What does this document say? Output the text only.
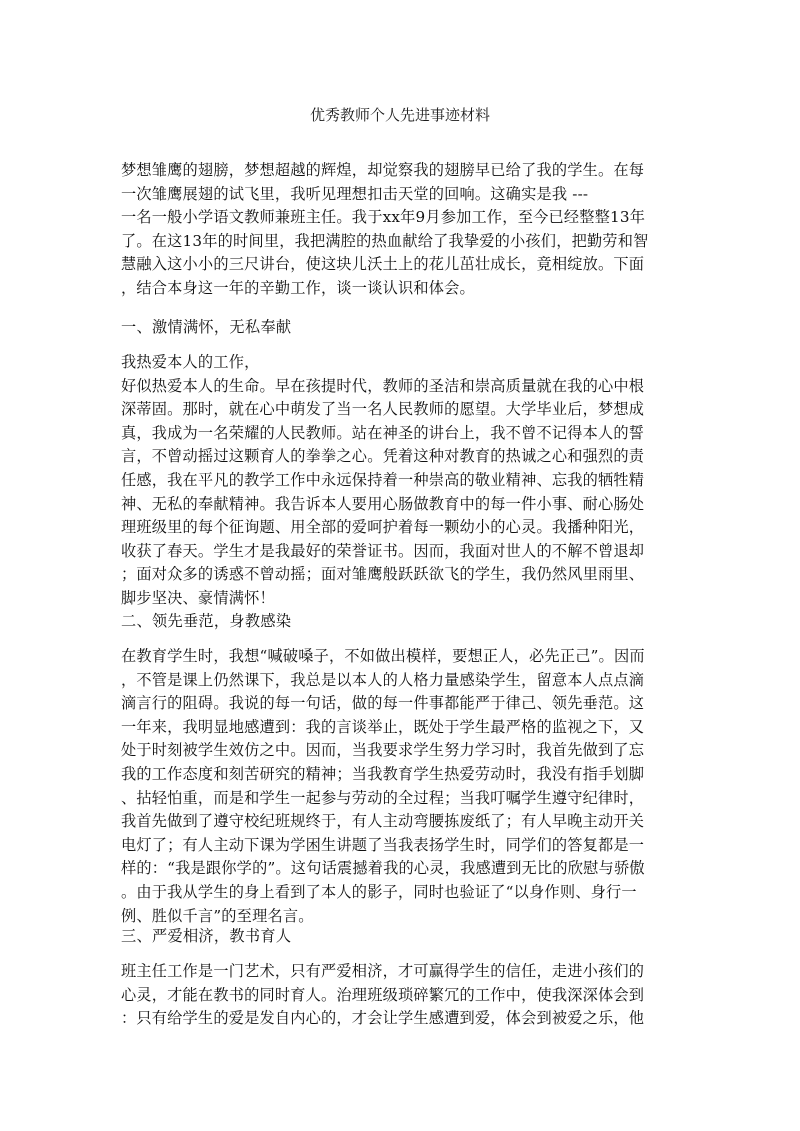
优秀教师个人先进事迹材料
梦想雏鹰的翅膀，梦想超越的辉煌，却觉察我的翅膀早已给了我的学生。在每
一次雏鹰展翅的试飞里，我听见理想扣击天堂的回响。这确实是我 ---
一名一般小学语文教师兼班主任。我于xx年9月参加工作，至今已经整整13年
了。在这13年的时间里，我把满腔的热血献给了我挚爱的小孩们，把勤劳和智
慧融入这小小的三尺讲台，使这块儿沃土上的花儿茁壮成长，竟相绽放。下面
，结合本身这一年的辛勤工作，谈一谈认识和体会。
一、激情满怀，无私奉献
我热爱本人的工作，
好似热爱本人的生命。早在孩提时代，教师的圣洁和崇高质量就在我的心中根
深蒂固。那时，就在心中萌发了当一名人民教师的愿望。大学毕业后，梦想成
真，我成为一名荣耀的人民教师。站在神圣的讲台上，我不曾不记得本人的誓
言，不曾动摇过这颗育人的拳拳之心。凭着这种对教育的热诚之心和强烈的责
任感，我在平凡的教学工作中永远保持着一种崇高的敬业精神、忘我的牺牲精
神、无私的奉献精神。我告诉本人要用心肠做教育中的每一件小事、耐心肠处
理班级里的每个征询题、用全部的爱呵护着每一颗幼小的心灵。我播种阳光，
收获了春天。学生才是我最好的荣誉证书。因而，我面对世人的不解不曾退却
；面对众多的诱惑不曾动摇；面对雏鹰般跃跃欲飞的学生，我仍然风里雨里、
脚步坚决、豪情满怀！
二、领先垂范，身教感染
在教育学生时，我想“喊破嗓子，不如做出模样，要想正人，必先正己”。因而
，不管是课上仍然课下，我总是以本人的人格力量感染学生，留意本人点点滴
滴言行的阻碍。我说的每一句话，做的每一件事都能严于律己、领先垂范。这
一年来，我明显地感遭到：我的言谈举止，既处于学生最严格的监视之下，又
处于时刻被学生效仿之中。因而，当我要求学生努力学习时，我首先做到了忘
我的工作态度和刻苦研究的精神；当我教育学生热爱劳动时，我没有指手划脚
、拈轻怕重，而是和学生一起参与劳动的全过程；当我叮嘱学生遵守纪律时，
我首先做到了遵守校纪班规终于，有人主动弯腰拣废纸了；有人早晚主动开关
电灯了；有人主动下课为学困生讲题了当我表扬学生时，同学们的答复都是一
样的：“我是跟你学的”。这句话震撼着我的心灵，我感遭到无比的欣慰与骄傲
。由于我从学生的身上看到了本人的影子，同时也验证了“以身作则、身行一
例、胜似千言”的至理名言。
三、严爱相济，教书育人
班主任工作是一门艺术，只有严爱相济，才可赢得学生的信任，走进小孩们的
心灵，才能在教书的同时育人。治理班级琐碎繁冗的工作中，使我深深体会到
：只有给学生的爱是发自内心的，才会让学生感遭到爱，体会到被爱之乐，他
